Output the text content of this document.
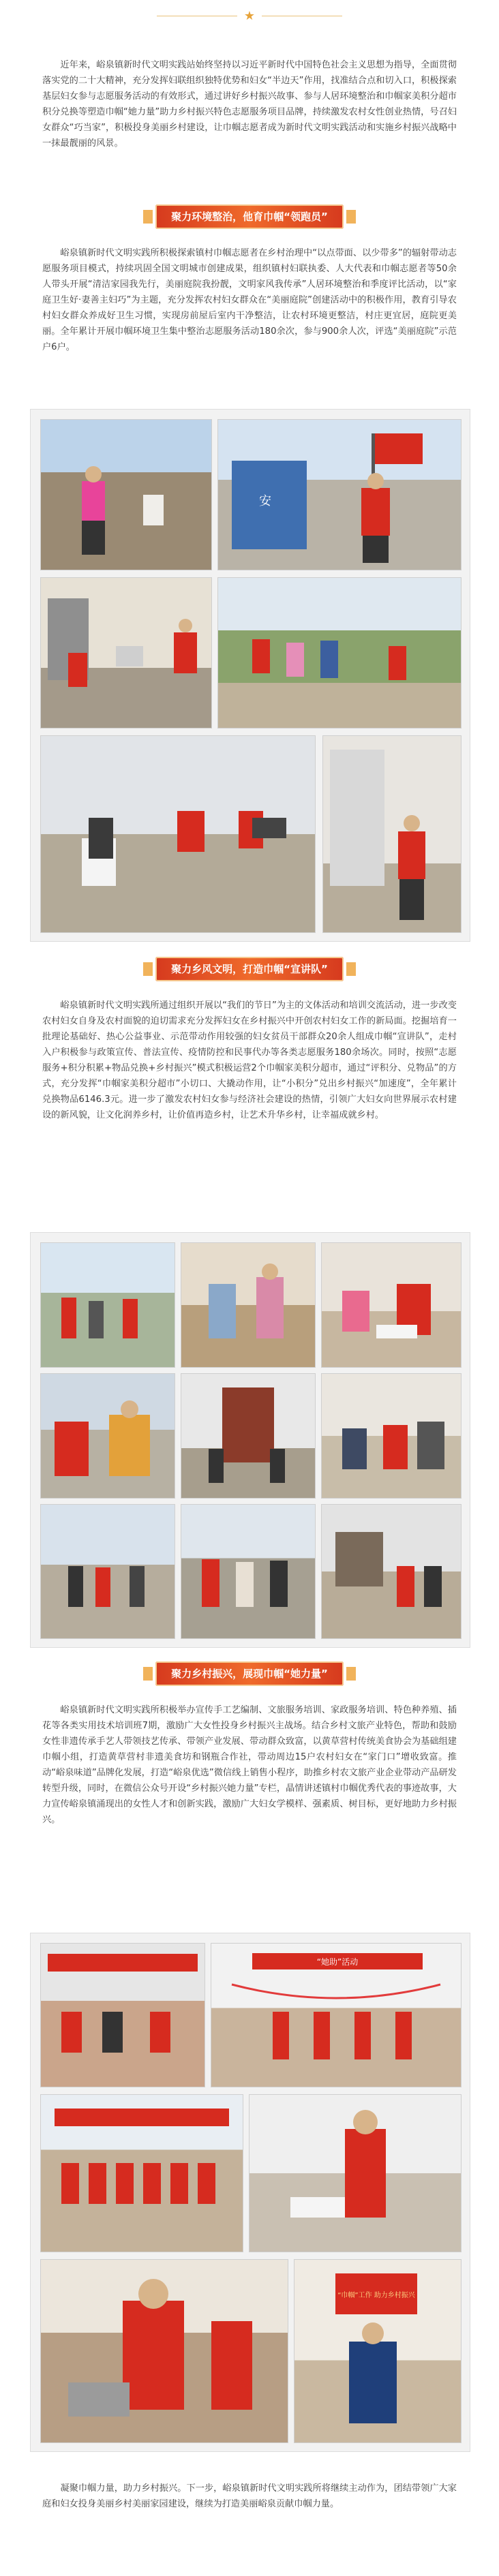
★
近年来，峪泉镇新时代文明实践站始终坚持以习近平新时代中国特色社会主义思想为指导，全面贯彻落实党的二十大精神，充分发挥妇联组织独特优势和妇女“半边天”作用，找准结合点和切入口，积极探索基层妇女参与志愿服务活动的有效形式，通过讲好乡村振兴故事、参与人居环境整治和巾帼家美积分超市积分兑换等塑造巾帼“她力量”助力乡村振兴特色志愿服务项目品牌，持续激发农村女性创业热情，号召妇女群众“巧当家”，积极投身美丽乡村建设，让巾帼志愿者成为新时代文明实践活动和实施乡村振兴战略中一抹最靓丽的风景。
聚力环境整治，他育巾帼“领跑员”
峪泉镇新时代文明实践所积极探索镇村巾帼志愿者在乡村治理中“以点带面、以少带多”的辐射带动志愿服务项目模式，持续巩固全国文明城市创建成果，组织镇村妇联执委、人大代表和巾帼志愿者等50余人带头开展“清洁家园我先行，美丽庭院我扮靓，文明家风我传承”人居环境整治和季度评比活动，以“家庭卫生好·妻善主妇巧”为主题，充分发挥农村妇女群众在“美丽庭院”创建活动中的积极作用，教育引导农村妇女群众养成好卫生习惯，实现房前屋后室内干净整洁，让农村环境更整洁，村庄更宜居，庭院更美丽。全年累计开展巾帼环境卫生集中整治志愿服务活动180余次，参与900余人次，评选“美丽庭院”示范户6户。
安
聚力乡风文明，打造巾帼“宣讲队”
峪泉镇新时代文明实践所通过组织开展以“我们的节日”为主的文体活动和培训交流活动，进一步改变农村妇女自身及农村面貌的迫切需求充分发挥妇女在乡村振兴中开创农村妇女工作的新局面。挖掘培育一批理论基础好、热心公益事业、示范带动作用较强的妇女贫员干部群众20余人组成巾帼“宣讲队”，走村入户积极参与政策宣传、普法宣传、疫情防控和民事代办等各类志愿服务180余场次。同时，按照“志愿服务+积分积累+物品兑换+乡村振兴”模式积极运营2个巾帼家美积分超市，通过“评积分、兑物品”的方式，充分发挥“巾帼家美积分超市”小切口、大撬动作用，让“小积分”兑出乡村振兴“加速度”，全年累计兑换物品6146.3元。进一步了激发农村妇女参与经济社会建设的热情，引领广大妇女向世界展示农村建设的新风貌，让文化润养乡村，让价值再造乡村，让艺术升华乡村，让幸福成就乡村。
聚力乡村振兴，展现巾帼“她力量”
峪泉镇新时代文明实践所积极举办宣传手工艺编制、文旅服务培训、家政服务培训、特色种养殖、插花等各类实用技术培训班7期，激励广大女性投身乡村振兴主战场。结合乡村文旅产业特色，帮助和鼓励女性非遗传承手艺人带领技艺传承、带领产业发展、带动群众致富，以黄草营村传统美食协会为基础组建巾帼小组，打造黄草营村非遗美食坊和钢瓶合作社，带动周边15户农村妇女在“家门口”增收致富。推动“峪泉味道”品牌化发展，打造“峪泉优选”微信线上销售小程序，助推乡村农文旅产业企业带动产品研发转型升级，同时，在微信公众号开设“乡村振兴她力量”专栏，晶情讲述镇村巾帼优秀代表的事迹故事，大力宣传峪泉镇涌现出的女性人才和创新实践，激励广大妇女学模样、强素质、树目标，更好地助力乡村振兴。
“她助”活动
“巾帼”工作 助力乡村振兴
凝聚巾帼力量，助力乡村振兴。下一步，峪泉镇新时代文明实践所将继续主动作为，团结带领广大家庭和妇女投身美丽乡村美丽家园建设，继续为打造美丽峪泉贡献巾帼力量。
